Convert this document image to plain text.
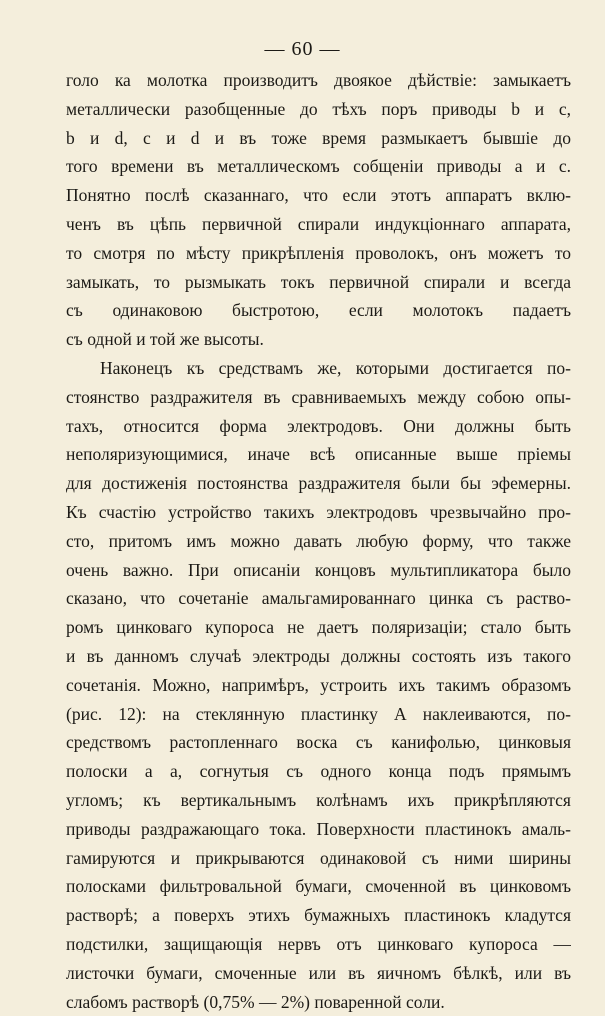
— 60 —
голо ка молотка производитъ двоякое дѣйствіе: замыкаетъ
металлически разобщенные до тѣхъ поръ приводы b и c,
b и d, c и d и въ тоже время размыкаетъ бывшіе до
того времени въ металлическомъ собщеніи приводы a и c.
Понятно послѣ сказаннаго, что если этотъ аппаратъ вклю-
ченъ въ цѣпь первичной спирали индукціоннаго аппарата,
то смотря по мѣсту прикрѣпленія проволокъ, онъ можетъ то
замыкать, то рызмыкать токъ первичной спирали и всегда
съ одинаковою быстротою, если молотокъ падаетъ
съ одной и той же высоты.
Наконецъ къ средствамъ же, которыми достигается по-
стоянство раздражителя въ сравниваемыхъ между собою опы-
тахъ, относится форма электродовъ. Они должны быть
неполяризующимися, иначе всѣ описанные выше пріемы
для достиженія постоянства раздражителя были бы эфемерны.
Къ счастію устройство такихъ электродовъ чрезвычайно про-
сто, притомъ имъ можно давать любую форму, что также
очень важно. При описаніи концовъ мультипликатора было
сказано, что сочетаніе амальгамированнаго цинка съ раство-
ромъ цинковаго купороса не даетъ поляризаціи; стало быть
и въ данномъ случаѣ электроды должны состоять изъ такого
сочетанія. Можно, напримѣръ, устроить ихъ такимъ образомъ
(рис. 12): на стеклянную пластинку А наклеиваются, по-
средствомъ растопленнаго воска съ канифолью, цинковыя
полоски а а, согнутыя съ одного конца подъ прямымъ
угломъ; къ вертикальнымъ колѣнамъ ихъ прикрѣпляются
приводы раздражающаго тока. Поверхности пластинокъ амаль-
гамируются и прикрываются одинаковой съ ними ширины
полосками фильтровальной бумаги, смоченной въ цинковомъ
растворѣ; а поверхъ этихъ бумажныхъ пластинокъ кладутся
подстилки, защищающія нервъ отъ цинковаго купороса —
листочки бумаги, смоченные или въ яичномъ бѣлкѣ, или въ
слабомъ растворѣ (0,75% — 2%) поваренной соли.
